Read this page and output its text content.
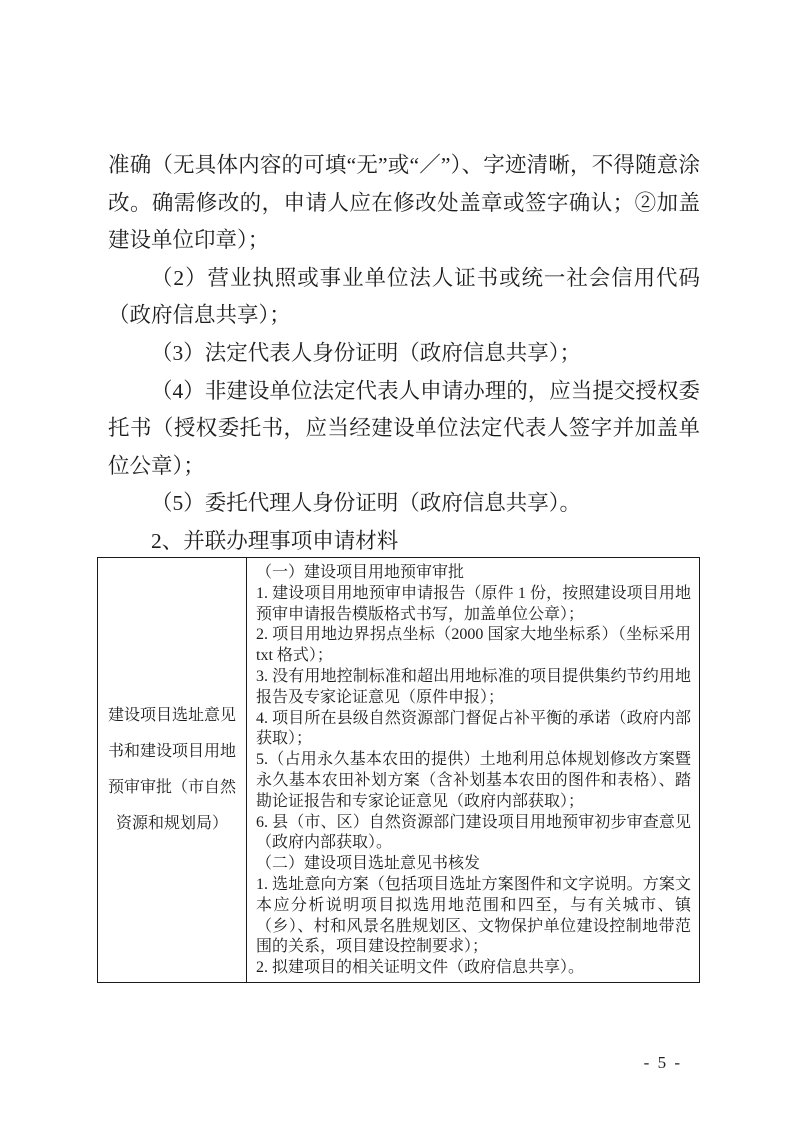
准确（无具体内容的可填“无”或“／”）、字迹清晰，不得随意涂改。确需修改的，申请人应在修改处盖章或签字确认；②加盖建设单位印章）；

（2）营业执照或事业单位法人证书或统一社会信用代码（政府信息共享）；

（3）法定代表人身份证明（政府信息共享）；

（4）非建设单位法定代表人申请办理的，应当提交授权委托书（授权委托书，应当经建设单位法定代表人签字并加盖单位公章）；

（5）委托代理人身份证明（政府信息共享）。

2、并联办理事项申请材料

建设项目选址意见书和建设项目用地预审审批（市自然资源和规划局）

（一）建设项目用地预审审批

1. 建设项目用地预审申请报告（原件 1 份，按照建设项目用地预审申请报告模版格式书写，加盖单位公章）；

2. 项目用地边界拐点坐标（2000 国家大地坐标系）（坐标采用 txt 格式）；

3. 没有用地控制标准和超出用地标准的项目提供集约节约用地报告及专家论证意见（原件申报）；

4. 项目所在县级自然资源部门督促占补平衡的承诺（政府内部获取）；

5.（占用永久基本农田的提供）土地利用总体规划修改方案暨永久基本农田补划方案（含补划基本农田的图件和表格）、踏勘论证报告和专家论证意见（政府内部获取）；

6. 县（市、区）自然资源部门建设项目用地预审初步审查意见（政府内部获取）。

（二）建设项目选址意见书核发

1. 选址意向方案（包括项目选址方案图件和文字说明。方案文本应分析说明项目拟选用地范围和四至，与有关城市、镇（乡）、村和风景名胜规划区、文物保护单位建设控制地带范围的关系，项目建设控制要求）；

2. 拟建项目的相关证明文件（政府信息共享）。

- 5 -
